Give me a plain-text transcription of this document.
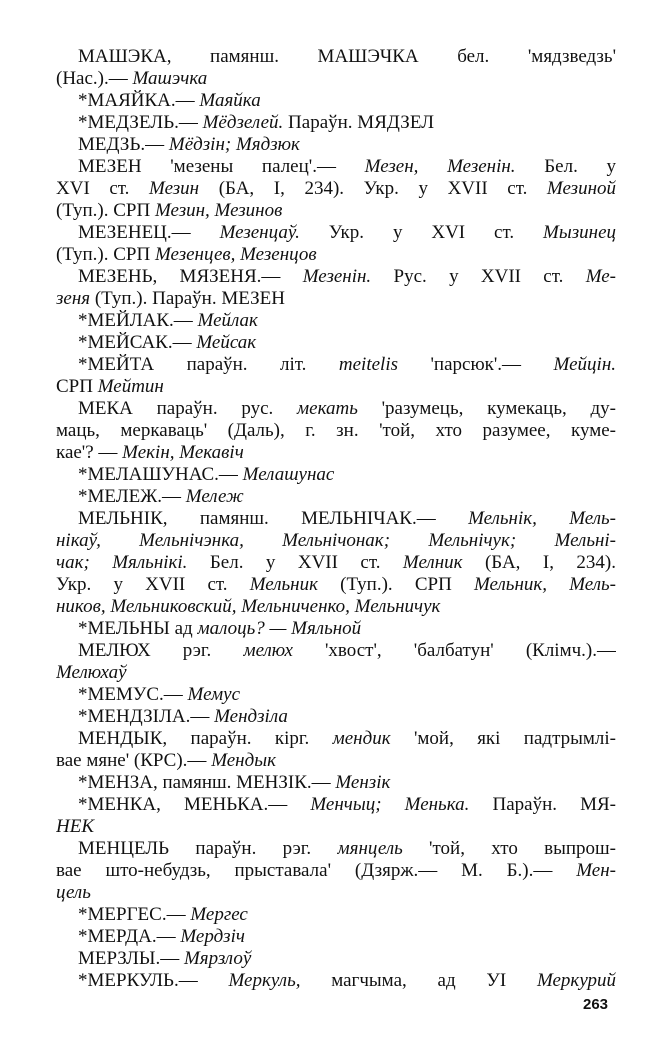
МАШЭКА, памянш. МАШЭЧКА бел. 'мядзведзь'
(Нас.).— Машэчка
*МАЯЙКА.— Маяйка
*МЕДЗЕЛЬ.— Мёдзелей. Параўн. МЯДЗЕЛ
МЕДЗЬ.— Мёдзін; Мядзюк
МЕЗЕН 'мезены палец'.— Мезен, Мезенін. Бел. у
XVI ст. Мезин (БА, I, 234). Укр. у XVII ст. Мезиной
(Туп.). СРП Мезин, Мезинов
МЕЗЕНЕЦ.— Мезенцаў. Укр. у XVI ст. Мызинец
(Туп.). СРП Мезенцев, Мезенцов
МЕЗЕНЬ, МЯЗЕНЯ.— Мезенін. Рус. у XVII ст. Ме-
зеня (Туп.). Параўн. МЕЗЕН
*МЕЙЛАК.— Мейлак
*МЕЙСАК.— Мейсак
*МЕЙТА параўн. літ. meitelis 'парсюк'.— Мейцін.
СРП Мейтин
МЕКА параўн. рус. мекать 'разумець, кумекаць, ду-
маць, меркаваць' (Даль), г. зн. 'той, хто разумее, куме-
кае'? — Мекін, Мекавіч
*МЕЛАШУНАС.— Мелашунас
*МЕЛЕЖ.— Мележ
МЕЛЬНІК, памянш. МЕЛЬНІЧАК.— Мельнік, Мель-
нікаў, Мельнічэнка, Мельнічонак; Мельнічук; Мельні-
чак; Мяльнікі. Бел. у XVII ст. Мелник (БА, I, 234).
Укр. у XVII ст. Мельник (Туп.). СРП Мельник, Мель-
ников, Мельниковский, Мельниченко, Мельничук
*МЕЛЬНЫ ад малоць? — Мяльной
МЕЛЮХ рэг. мелюх 'хвост', 'балбатун' (Клімч.).—
Мелюхаў
*МЕМУС.— Мемус
*МЕНДЗІЛА.— Мендзіла
МЕНДЫК, параўн. кірг. мендик 'мой, які падтрымлі-
вае мяне' (КРС).— Мендык
*МЕНЗА, памянш. МЕНЗІК.— Мензік
*МЕНКА, МЕНЬКА.— Менчыц; Менька. Параўн. МЯ-
НЕК
МЕНЦЕЛЬ параўн. рэг. мянцель 'той, хто выпрош-
вае што-небудзь, прыставала' (Дзярж.— М. Б.).— Мен-
цель
*МЕРГЕС.— Мергес
*МЕРДА.— Мердзіч
МЕРЗЛЫ.— Мярзлоў
*МЕРКУЛЬ.— Меркуль, магчыма, ад УІ Меркурий
263
